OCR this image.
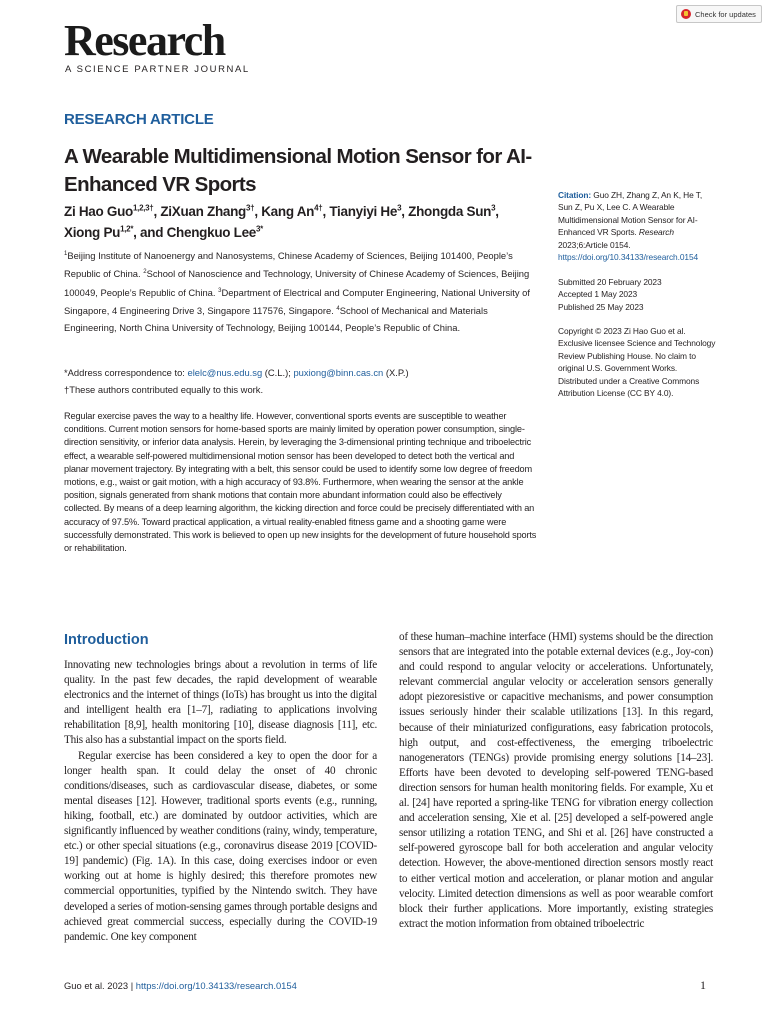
Check for updates
Research
A SCIENCE PARTNER JOURNAL
RESEARCH ARTICLE
A Wearable Multidimensional Motion Sensor for AI-Enhanced VR Sports
Zi Hao Guo$^{1,2,3\dagger}$, ZiXuan Zhang$^{3\dagger}$, Kang $An^{4\dagger}$, Tianyiyi He$^3$, Zhongda Sun$^3$, Xiong $Pu^{1,2*}$, and Chengkuo Lee$^{3*}$
$^1$Beijing Institute of Nanoenergy and Nanosystems, Chinese Academy of Sciences, Beijing 101400, People’s Republic of China. $^2$School of Nanoscience and Technology, University of Chinese Academy of Sciences, Beijing 100049, People’s Republic of China. $^3$Department of Electrical and Computer Engineering, National University of Singapore, 4 Engineering Drive 3, Singapore 117576, Singapore. $^4$School of Mechanical and Materials Engineering, North China University of Technology, Beijing 100144, People’s Republic of China.
*Address correspondence to: elelc@nus.edu.sg (C.L.); puxiong@binn.cas.cn (X.P.)
†These authors contributed equally to this work.
Regular exercise paves the way to a healthy life. However, conventional sports events are susceptible to weather conditions. Current motion sensors for home-based sports are mainly limited by operation power consumption, single-direction sensitivity, or inferior data analysis. Herein, by leveraging the 3-dimensional printing technique and triboelectric effect, a wearable self-powered multidimensional motion sensor has been developed to detect both the vertical and planar movement trajectory. By integrating with a belt, this sensor could be used to identify some low degree of freedom motions, e.g., waist or gait motion, with a high accuracy of 93.8%. Furthermore, when wearing the sensor at the ankle position, signals generated from shank motions that contain more abundant information could also be effectively collected. By means of a deep learning algorithm, the kicking direction and force could be precisely differentiated with an accuracy of 97.5%. Toward practical application, a virtual reality-enabled fitness game and a shooting game were successfully demonstrated. This work is believed to open up new insights for the development of future household sports or rehabilitation.
Citation: Guo ZH, Zhang Z, An K, He T, Sun Z, Pu X, Lee C. A Wearable Multidimensional Motion Sensor for AI-Enhanced VR Sports. Research 2023;6:Article 0154. https://doi.org/10.34133/research.0154
Submitted 20 February 2023
Accepted 1 May 2023
Published 25 May 2023
Copyright © 2023 Zi Hao Guo et al. Exclusive licensee Science and Technology Review Publishing House. No claim to original U.S. Government Works. Distributed under a Creative Commons Attribution License (CC BY 4.0).
Introduction

Innovating new technologies brings about a revolution in terms of life quality. In the past few decades, the rapid development of wearable electronics and the internet of things (IoTs) has brought us into the digital and intelligent health era [1–7], radiating to applications involving rehabilitation [8,9], health monitoring [10], disease diagnosis [11], etc. This also has a substantial impact on the sports field.

Regular exercise has been considered a key to open the door for a longer health span. It could delay the onset of 40 chronic conditions/diseases, such as cardiovascular disease, diabetes, or some mental diseases [12]. However, traditional sports events (e.g., running, hiking, football, etc.) are dominated by outdoor activities, which are significantly influenced by weather conditions (rainy, windy, temperature, etc.) or other special situations (e.g., coronavirus disease 2019 [COVID-19] pandemic) (Fig. 1A). In this case, doing exercises indoor or even working out at home is highly desired; this therefore promotes new commercial opportunities, typified by the Nintendo switch. They have developed a series of motion-sensing games through portable designs and achieved great commercial success, especially during the COVID-19 pandemic. One key component

of these human–machine interface (HMI) systems should be the direction sensors that are integrated into the potable external devices (e.g., Joy-con) and could respond to angular velocity or accelerations. Unfortunately, relevant commercial angular velocity or acceleration sensors generally adopt piezoresistive or capacitive mechanisms, and power consumption issues seriously hinder their scalable utilizations [13]. In this regard, because of their miniaturized configurations, easy fabrication protocols, high output, and cost-effectiveness, the emerging triboelectric nanogenerators (TENGs) provide promising energy solutions [14–23]. Efforts have been devoted to developing self-powered TENG-based direction sensors for human health monitoring fields. For example, Xu et al. [24] have reported a spring-like TENG for vibration energy collection and acceleration sensing, Xie et al. [25] developed a self-powered angle sensor utilizing a rotation TENG, and Shi et al. [26] have constructed a self-powered gyroscope ball for both acceleration and angular velocity detection. However, the above-mentioned direction sensors mostly react to either vertical motion and acceleration, or planar motion and angular velocity. Limited detection dimensions as well as poor wearable comfort block their further applications. More importantly, existing strategies extract the motion information from obtained triboelectric

Guo et al. 2023 | https://doi.org/10.34133/research.0154	1
